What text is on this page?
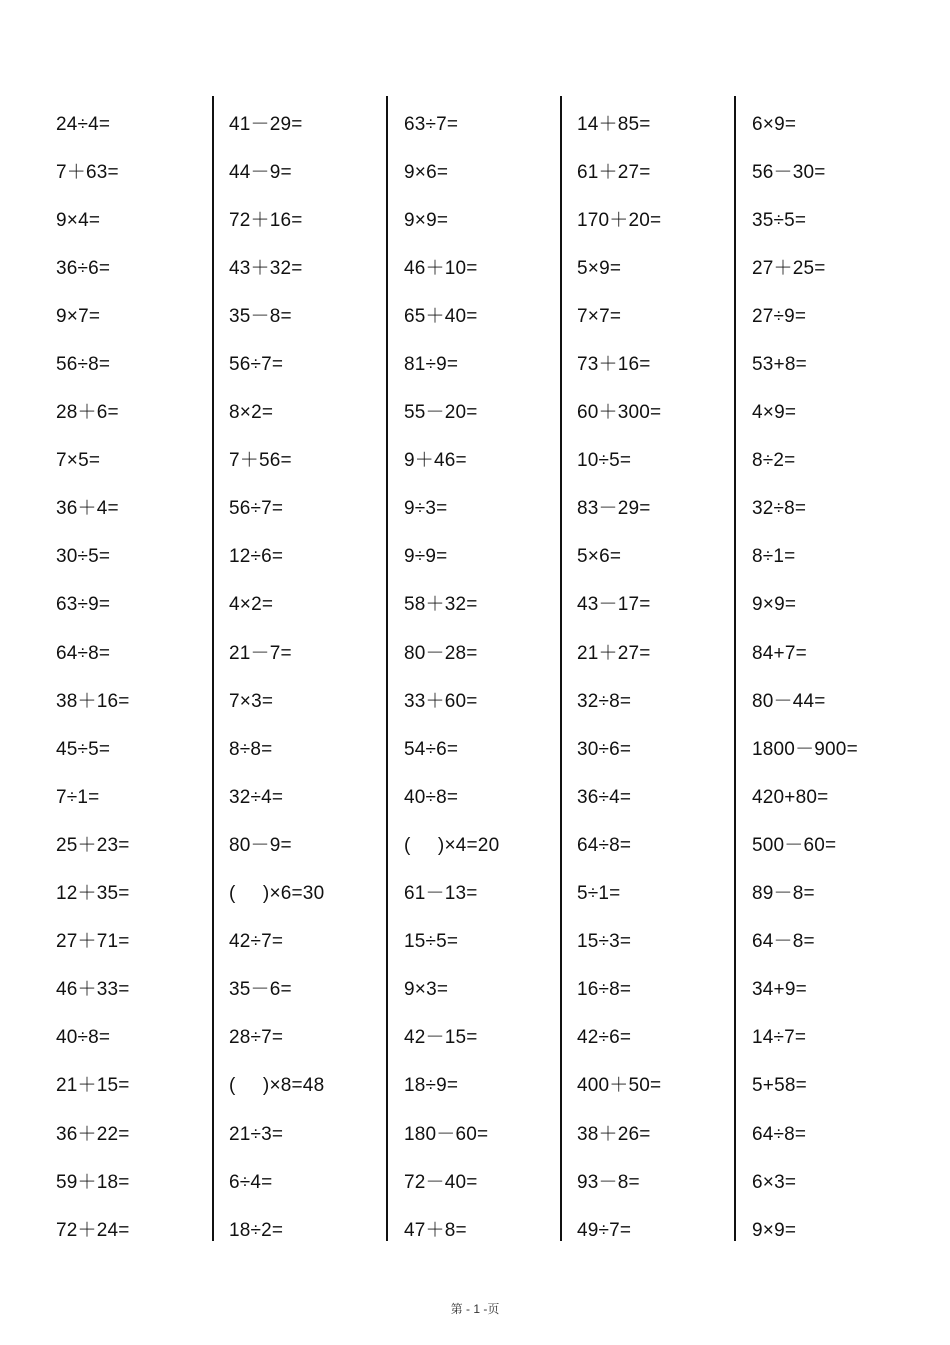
24÷4=
7＋63=
9×4=
36÷6=
9×7=
56÷8=
28＋6=
7×5=
36＋4=
30÷5=
63÷9=
64÷8=
38＋16=
45÷5=
7÷1=
25＋23=
12＋35=
27＋71=
46＋33=
40÷8=
21＋15=
36＋22=
59＋18=
72＋24=
41－29=
44－9=
72＋16=
43＋32=
35－8=
56÷7=
8×2=
7＋56=
56÷7=
12÷6=
4×2=
21－7=
7×3=
8÷8=
32÷4=
80－9=
(     )×6=30
42÷7=
35－6=
28÷7=
(     )×8=48
21÷3=
6÷4=
18÷2=
63÷7=
9×6=
9×9=
46＋10=
65＋40=
81÷9=
55－20=
9＋46=
9÷3=
9÷9=
58＋32=
80－28=
33＋60=
54÷6=
40÷8=
(     )×4=20
61－13=
15÷5=
9×3=
42－15=
18÷9=
180－60=
72－40=
47＋8=
14＋85=
61＋27=
170＋20=
5×9=
7×7=
73＋16=
60＋300=
10÷5=
83－29=
5×6=
43－17=
21＋27=
32÷8=
30÷6=
36÷4=
64÷8=
5÷1=
15÷3=
16÷8=
42÷6=
400＋50=
38＋26=
93－8=
49÷7=
6×9=
56－30=
35÷5=
27＋25=
27÷9=
53+8=
4×9=
8÷2=
32÷8=
8÷1=
9×9=
84+7=
80－44=
1800－900=
420+80=
500－60=
89－8=
64－8=
34+9=
14÷7=
5+58=
64÷8=
6×3=
9×9=
第 - 1 -页
